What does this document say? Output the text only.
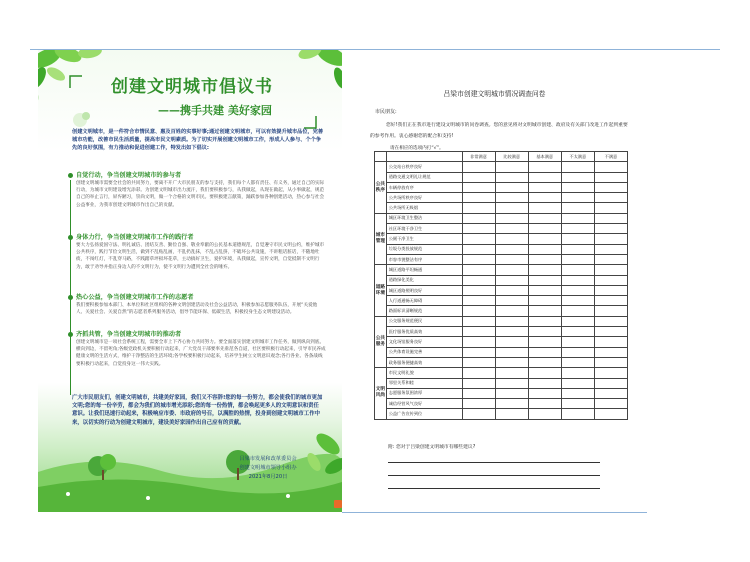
创建文明城市倡议书
——携手共建 美好家园
创建文明城市，是一件符合市情民意、惠及百姓的实事好事;通过创建文明城市，可以有效提升城市品位，完善城市功能，改善市民生活质量，提高市民文明素质。为了切实开展创建文明城市工作，形成人人参与、个个争先的良好氛围，有力推动和促进创建工作，特发出如下倡议:
自觉行动，争当创建文明城市的参与者
创建文明城市需要全社会的共同努力，要离不开广大市民朋友的参与支持，我们每个人都有责任、有义务，通过自己的实际行动，为城市文明建设增光添彩。为创建文明城市出力流汗，我们要积极参与，从我做起，从现在做起，从小事做起，规范自己的举止言行，屏弃陋习，崇尚文明，做一个合格的文明市民。要积极建言献策，踊跃参加各种创建活动，热心参与社会公益事业，为我市创建文明城市作出自己的贡献。
身体力行，争当创建文明城市工作的践行者
要大力弘扬爱国守法、明礼诚信、团结友善、勤俭自强、敬业奉献的公民基本道德规范，自觉遵守市民文明公约，维护城市公共秩序，践行节俭文明生活，做到不乱贴乱画，不乱扔乱抹，不乱占乱挤，不破坏公共设施，不讲粗话脏话，不随地吐痰，不闯红灯，不乱穿马路，不践踏草坪损坏花草，主动搞好卫生，爱护环境，从我做起，宣传文明，自觉抵制不文明行为，敢于劝导并指正身边人的不文明行为，使不文明行为遭到全社会的唾弃。
热心公益，争当创建文明城市工作的志愿者
我们要积极参加本部门、本单位和社区组织的各种文明创建活动及社会公益活动，积极参加志愿服务队伍，开展“关爱他人、关爱社会、关爱自然”的志愿者系列服务活动，倡导节能环保、低碳生活，积极投身生态文明建设活动。
齐抓共管，争当创建文明城市的推动者
创建文明城市是一项社会系统工程，需要全市上下齐心协力共同努力。要全面落实创建文明城市工作任务，做到纵向到底、横向到边，不留死角;各级党政机关要积极行动起来，广大党员干部要率先垂范各自道，社区要积极行动起来，引导市民养成健康文明的生活方式，维护干净整洁的生活环境;各学校要积极行动起来，培养学生树立文明意识观念;各行各业、各条战线要积极行动起来，自觉投身这一伟大实践。
广大市民朋友们，创建文明城市，共建美好家园，我们义不容辞!您的每一份努力，都会使我们的城市更加文明;您的每一份辛劳，都会为我们的城市增光添彩;您的每一份热情，都会唤起更多人的文明意识和责任意识。让我们迅速行动起来，积极响应市委、市政府的号召，以满腔的热情，投身到创建文明城市工作中来，以切实的行动为创建文明城市，建设美好家园作出自己应有的贡献。
吕梁市发展和改革委员会
创建文明城市领导小组办
2021年8月20日
吕梁市创建文明城市情况调查问卷
市民朋友:
您好!我们正在我市进行建设文明城市的问卷调查。您的意见将对文明城市创建、政府及有关部门改进工作起到重要的参考作用。衷心感谢您的配合和支持!
请在相应的选项内打“√”。
		非常满意	比较满意	基本满意	不太满意	不满意
公共秩序	公交站台秩序良好					
	道路交通文明礼让规范					
	车辆停放有序					
	公共场所秩序良好					
	公共场所无吸烟					
城市管理	城区环境卫生整洁					
	社区环境干净卫生					
	公厕干净卫生					
	垃圾分类投放规范					
	市容市貌整洁有序					
道路环境	城区道路平坦畅通					
	道路绿化美化					
	城区道路照明良好					
	人行道通畅无障碍					
	路面标识清晰规范					
公共服务	公交服务规范便民					
	医疗服务优质高效					
	文化场馆服务良好					
	公共体育设施完善					
	政务服务便捷高效					
文明风尚	市民文明礼貌					
	邻里关系和睦					
	志愿服务氛围浓厚					
	诚信经营风气良好					
	公益广告宣传到位					
附: 您对于吕梁创建文明城市有哪些建议?
